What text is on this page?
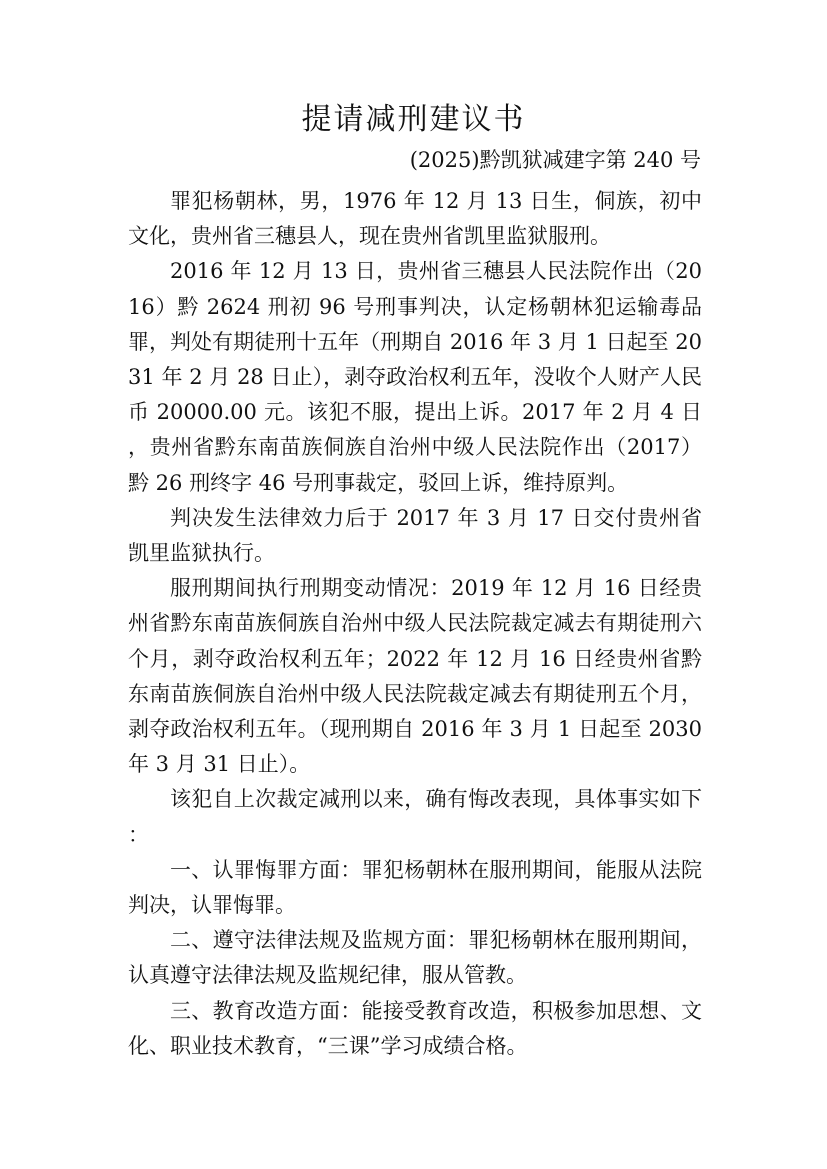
提请减刑建议书

(2025)黔凯狱减建字第 240 号

罪犯杨朝林，男，1976 年 12 月 13 日生，侗族，初中文化，贵州省三穗县人，现在贵州省凯里监狱服刑。

2016 年 12 月 13 日，贵州省三穗县人民法院作出（2016）黔 2624 刑初 96 号刑事判决，认定杨朝林犯运输毒品罪，判处有期徒刑十五年（刑期自 2016 年 3 月 1 日起至 2031 年 2 月 28 日止），剥夺政治权利五年，没收个人财产人民币 20000.00 元。该犯不服，提出上诉。2017 年 2 月 4 日，贵州省黔东南苗族侗族自治州中级人民法院作出（2017）黔 26 刑终字 46 号刑事裁定，驳回上诉，维持原判。

判决发生法律效力后于 2017 年 3 月 17 日交付贵州省凯里监狱执行。

服刑期间执行刑期变动情况：2019 年 12 月 16 日经贵州省黔东南苗族侗族自治州中级人民法院裁定减去有期徒刑六个月，剥夺政治权利五年；2022 年 12 月 16 日经贵州省黔东南苗族侗族自治州中级人民法院裁定减去有期徒刑五个月，剥夺政治权利五年。（现刑期自 2016 年 3 月 1 日起至 2030 年 3 月 31 日止）。

该犯自上次裁定减刑以来，确有悔改表现，具体事实如下：

一、认罪悔罪方面：罪犯杨朝林在服刑期间，能服从法院判决，认罪悔罪。

二、遵守法律法规及监规方面：罪犯杨朝林在服刑期间，认真遵守法律法规及监规纪律，服从管教。

三、教育改造方面：能接受教育改造，积极参加思想、文化、职业技术教育，“三课”学习成绩合格。
